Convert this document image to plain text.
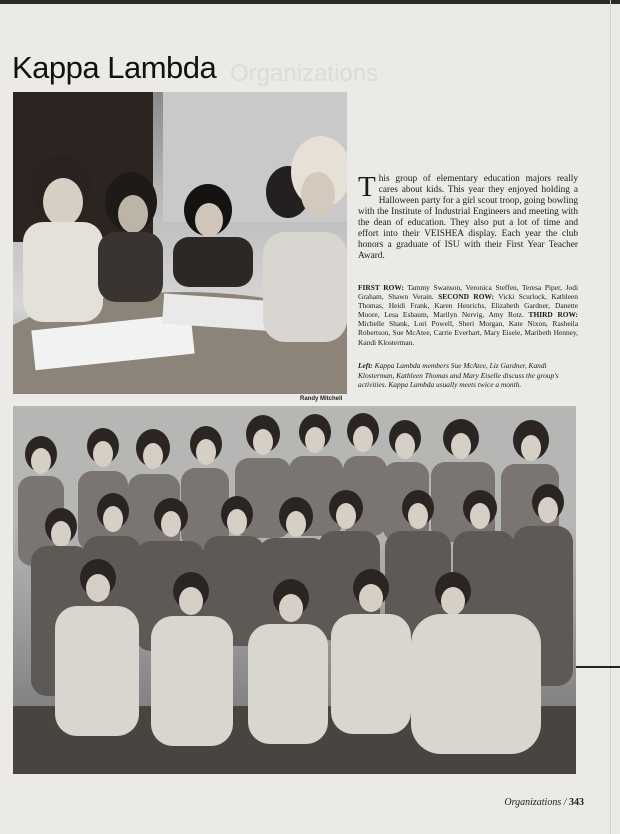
Organizations
Kappa Lambda
Randy Mitchell
This group of elementary education majors really cares about kids. This year they enjoyed holding a Halloween party for a girl scout troop, going bowling with the Institute of Industrial Engineers and meeting with the dean of education. They also put a lot of time and effort into their VEISHEA display. Each year the club honors a graduate of ISU with their First Year Teacher Award.
FIRST ROW: Tammy Swanson, Veronica Steffen, Teresa Piper, Jodi Graham, Shawn Verain. SECOND ROW: Vicki Scurlock, Kathleen Thomas, Heidi Frank, Karen Henrichs, Elizabeth Gardner, Danette Moore, Lesa Esbaum, Marilyn Nervig, Amy Rotz. THIRD ROW: Michelle Shank, Lori Powell, Sheri Morgan, Kate Nixon, Rasheila Robertson, Sue McAtee, Carrie Everhart, Mary Eisele, Maribeth Henney, Kandi Klosterman.
Left: Kappa Lambda members Sue McAtee, Liz Gardner, Kandi Klosterman, Kathleen Thomas and Mary Eiselle discuss the group's activities. Kappa Lambda usually meets twice a month.
Organizations / 343
